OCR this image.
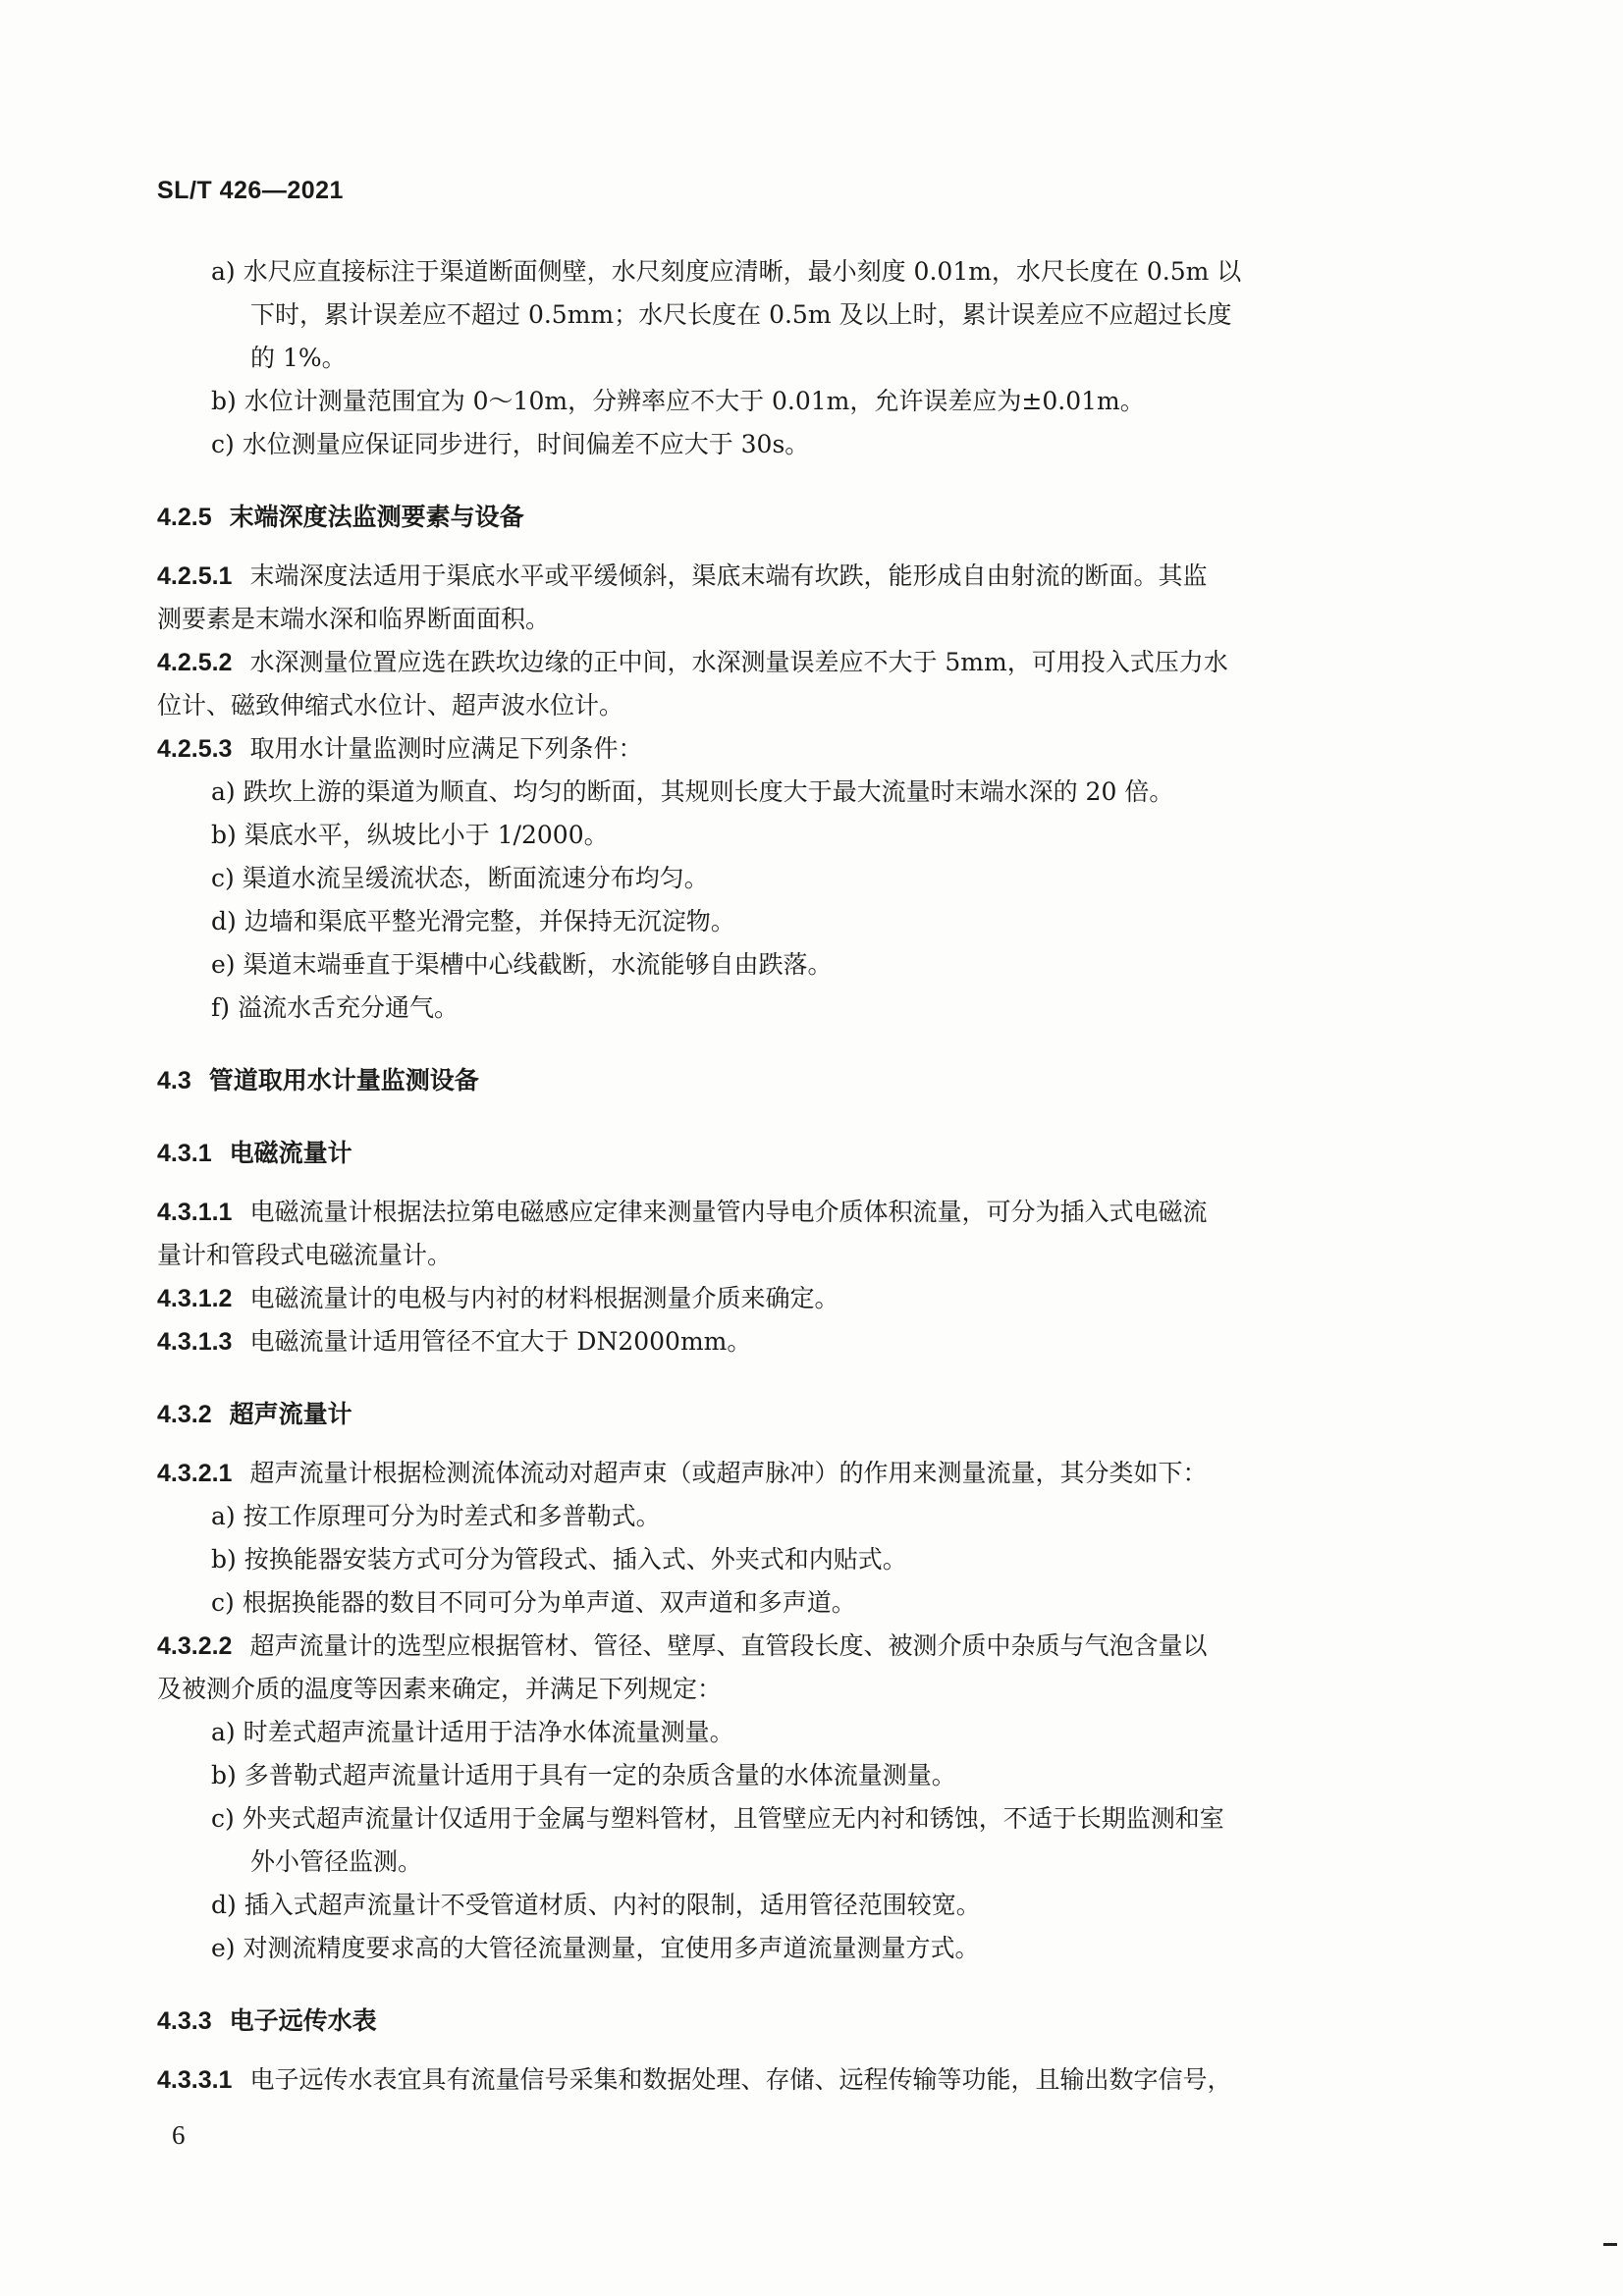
SL/T 426—2021
a) 水尺应直接标注于渠道断面侧壁，水尺刻度应清晰，最小刻度 0.01m，水尺长度在 0.5m 以
下时，累计误差应不超过 0.5mm；水尺长度在 0.5m 及以上时，累计误差应不应超过长度
的 1%。
b) 水位计测量范围宜为 0～10m，分辨率应不大于 0.01m，允许误差应为±0.01m。
c) 水位测量应保证同步进行，时间偏差不应大于 30s。
4.2.5 末端深度法监测要素与设备
4.2.5.1 末端深度法适用于渠底水平或平缓倾斜，渠底末端有坎跌，能形成自由射流的断面。其监
测要素是末端水深和临界断面面积。
4.2.5.2 水深测量位置应选在跌坎边缘的正中间，水深测量误差应不大于 5mm，可用投入式压力水
位计、磁致伸缩式水位计、超声波水位计。
4.2.5.3 取用水计量监测时应满足下列条件：
a) 跌坎上游的渠道为顺直、均匀的断面，其规则长度大于最大流量时末端水深的 20 倍。
b) 渠底水平，纵坡比小于 1/2000。
c) 渠道水流呈缓流状态，断面流速分布均匀。
d) 边墙和渠底平整光滑完整，并保持无沉淀物。
e) 渠道末端垂直于渠槽中心线截断，水流能够自由跌落。
f) 溢流水舌充分通气。
4.3 管道取用水计量监测设备
4.3.1 电磁流量计
4.3.1.1 电磁流量计根据法拉第电磁感应定律来测量管内导电介质体积流量，可分为插入式电磁流
量计和管段式电磁流量计。
4.3.1.2 电磁流量计的电极与内衬的材料根据测量介质来确定。
4.3.1.3 电磁流量计适用管径不宜大于 DN2000mm。
4.3.2 超声流量计
4.3.2.1 超声流量计根据检测流体流动对超声束（或超声脉冲）的作用来测量流量，其分类如下：
a) 按工作原理可分为时差式和多普勒式。
b) 按换能器安装方式可分为管段式、插入式、外夹式和内贴式。
c) 根据换能器的数目不同可分为单声道、双声道和多声道。
4.3.2.2 超声流量计的选型应根据管材、管径、壁厚、直管段长度、被测介质中杂质与气泡含量以
及被测介质的温度等因素来确定，并满足下列规定：
a) 时差式超声流量计适用于洁净水体流量测量。
b) 多普勒式超声流量计适用于具有一定的杂质含量的水体流量测量。
c) 外夹式超声流量计仅适用于金属与塑料管材，且管壁应无内衬和锈蚀，不适于长期监测和室
外小管径监测。
d) 插入式超声流量计不受管道材质、内衬的限制，适用管径范围较宽。
e) 对测流精度要求高的大管径流量测量，宜使用多声道流量测量方式。
4.3.3 电子远传水表
4.3.3.1 电子远传水表宜具有流量信号采集和数据处理、存储、远程传输等功能，且输出数字信号，
6
